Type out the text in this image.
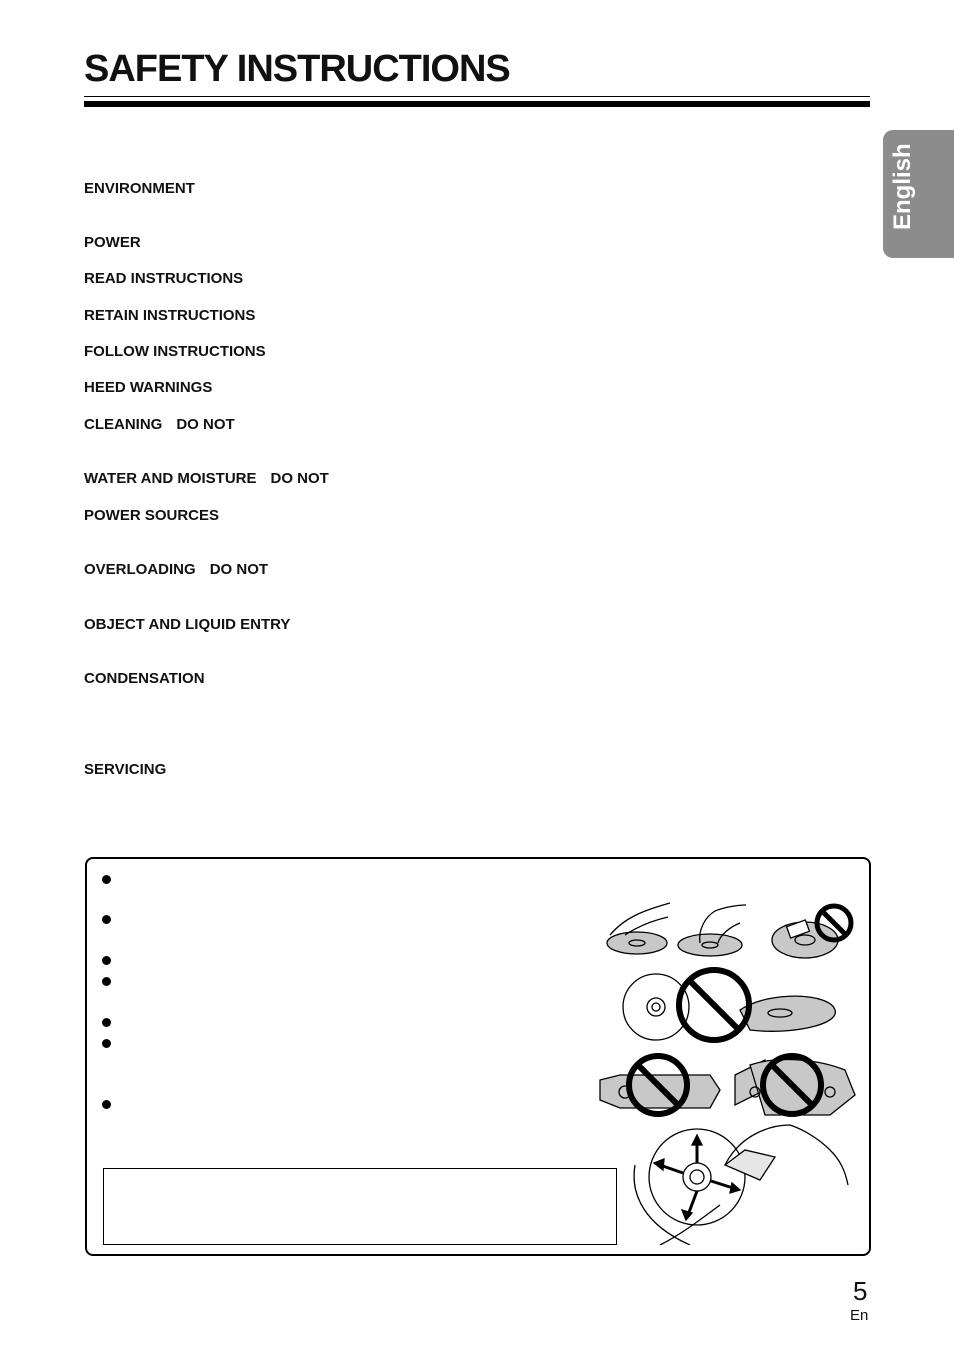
SAFETY INSTRUCTIONS
English
ENVIRONMENT
POWER
READ INSTRUCTIONS
RETAIN INSTRUCTIONS
FOLLOW INSTRUCTIONS
HEED WARNINGS
CLEANING DO NOT
WATER AND MOISTURE DO NOT
POWER SOURCES
OVERLOADING DO NOT
OBJECT AND LIQUID ENTRY
CONDENSATION
SERVICING
5
En
